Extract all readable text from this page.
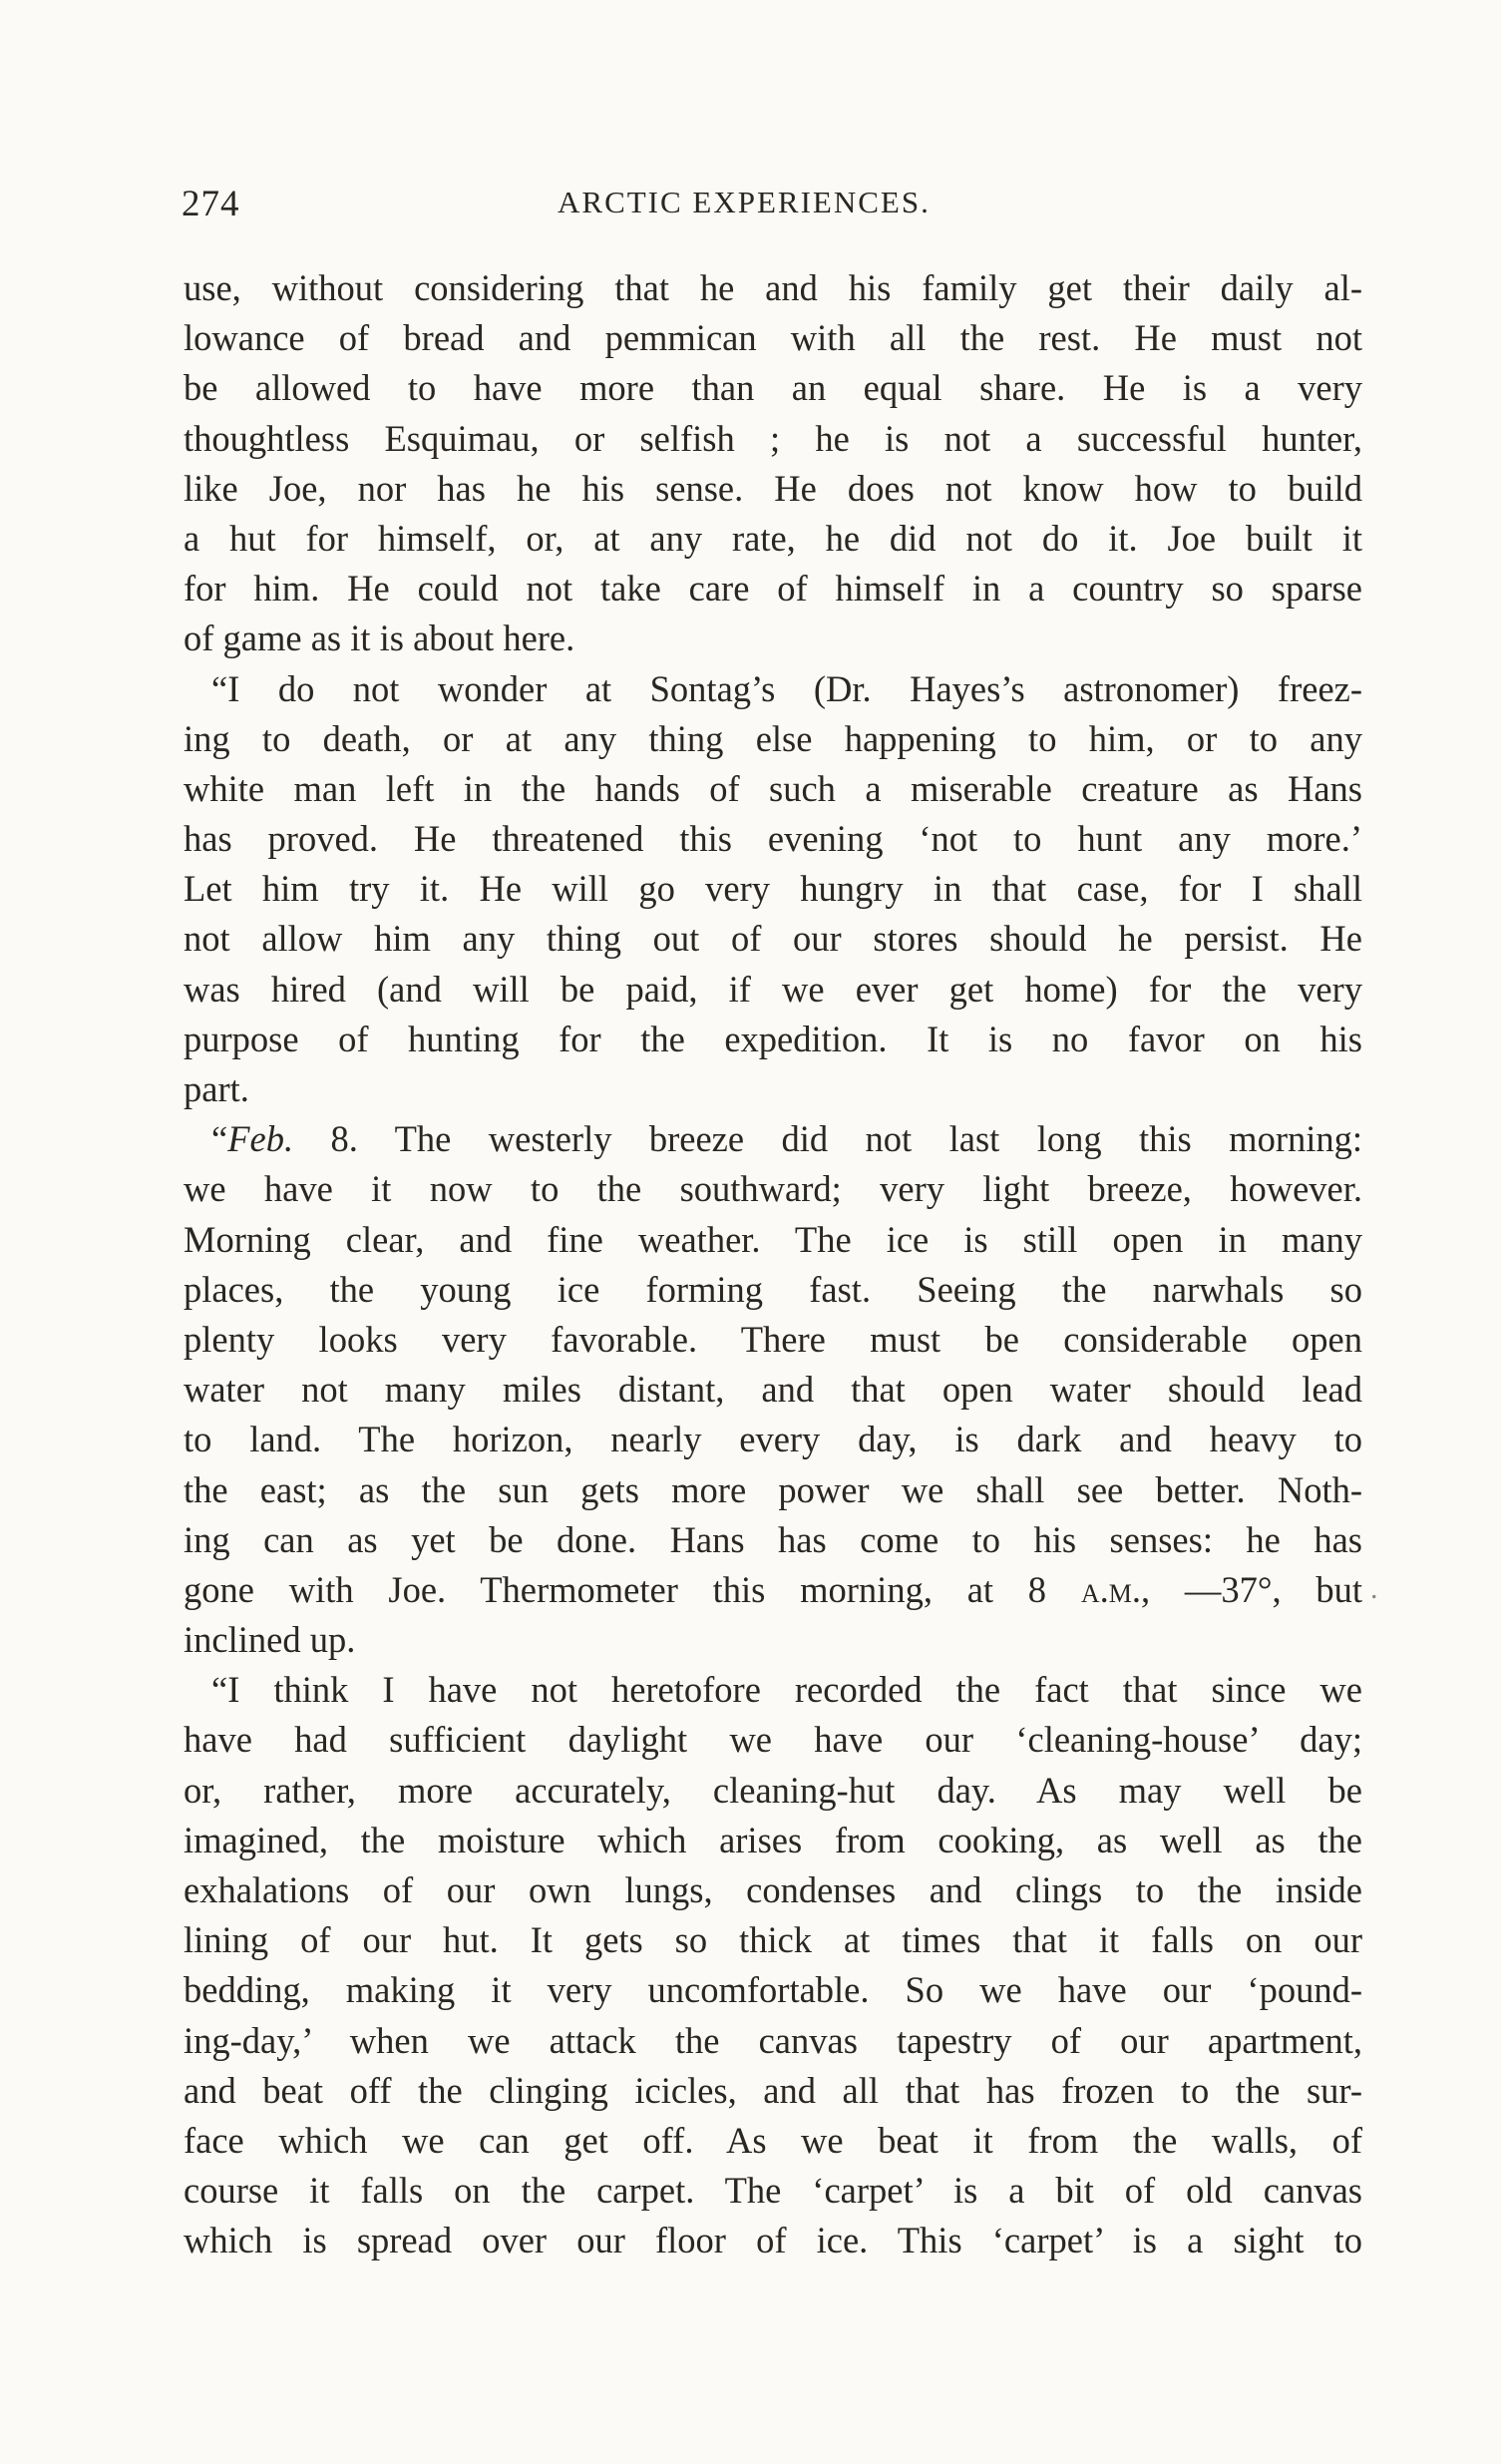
274	ARCTIC EXPERIENCES.
use, without considering that he and his family get their daily al-
lowance of bread and pemmican with all the rest. He must not
be allowed to have more than an equal share. He is a very
thoughtless Esquimau, or selfish ; he is not a successful hunter,
like Joe, nor has he his sense. He does not know how to build
a hut for himself, or, at any rate, he did not do it. Joe built it
for him. He could not take care of himself in a country so sparse
of game as it is about here.
“I do not wonder at Sontag’s (Dr. Hayes’s astronomer) freez-
ing to death, or at any thing else happening to him, or to any
white man left in the hands of such a miserable creature as Hans
has proved. He threatened this evening ‘not to hunt any more.’
Let him try it. He will go very hungry in that case, for I shall
not allow him any thing out of our stores should he persist. He
was hired (and will be paid, if we ever get home) for the very
purpose of hunting for the expedition. It is no favor on his
part.
“Feb. 8. The westerly breeze did not last long this morning:
we have it now to the southward; very light breeze, however.
Morning clear, and fine weather. The ice is still open in many
places, the young ice forming fast. Seeing the narwhals so
plenty looks very favorable. There must be considerable open
water not many miles distant, and that open water should lead
to land. The horizon, nearly every day, is dark and heavy to
the east; as the sun gets more power we shall see better. Noth-
ing can as yet be done. Hans has come to his senses: he has
gone with Joe. Thermometer this morning, at 8 a.m., —37°, but
inclined up.
“I think I have not heretofore recorded the fact that since we
have had sufficient daylight we have our ‘cleaning-house’ day;
or, rather, more accurately, cleaning-hut day. As may well be
imagined, the moisture which arises from cooking, as well as the
exhalations of our own lungs, condenses and clings to the inside
lining of our hut. It gets so thick at times that it falls on our
bedding, making it very uncomfortable. So we have our ‘pound-
ing-day,’ when we attack the canvas tapestry of our apartment,
and beat off the clinging icicles, and all that has frozen to the sur-
face which we can get off. As we beat it from the walls, of
course it falls on the carpet. The ‘carpet’ is a bit of old canvas
which is spread over our floor of ice. This ‘carpet’ is a sight to
.
